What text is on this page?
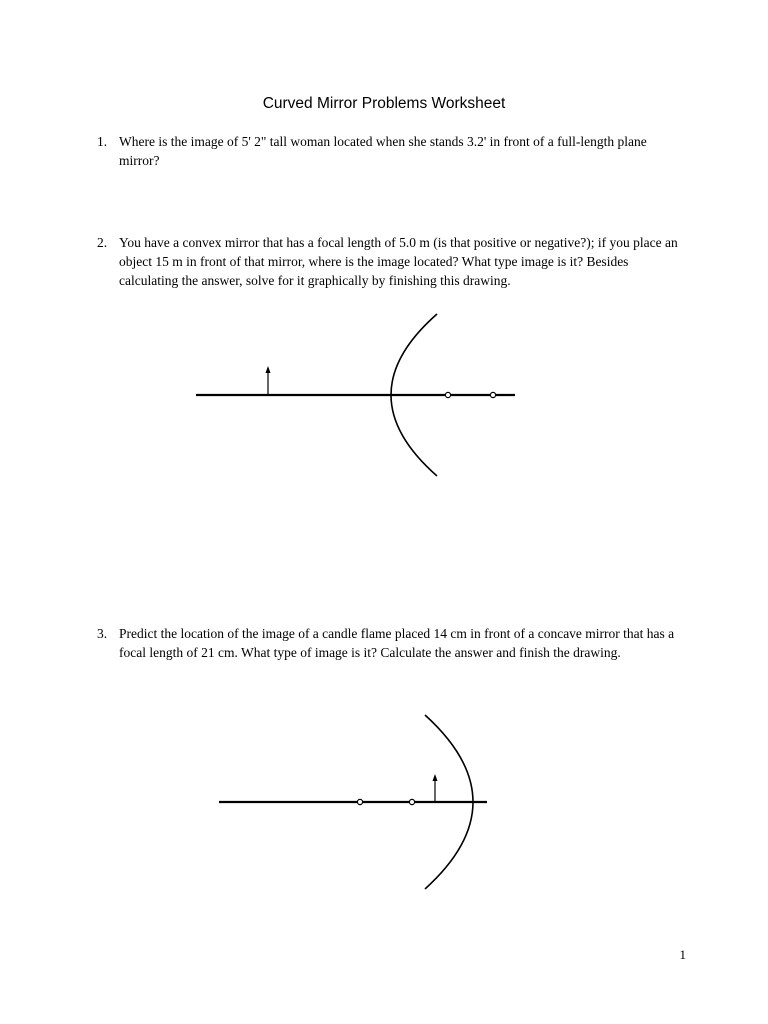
Curved Mirror Problems Worksheet
1. Where is the image of 5' 2" tall woman located when she stands 3.2' in front of a full-length plane mirror?
2. You have a convex mirror that has a focal length of 5.0 m (is that positive or negative?); if you place an object 15 m in front of that mirror, where is the image located? What type image is it? Besides calculating the answer, solve for it graphically by finishing this drawing.
3. Predict the location of the image of a candle flame placed 14 cm in front of a concave mirror that has a focal length of 21 cm. What type of image is it? Calculate the answer and finish the drawing.
1
